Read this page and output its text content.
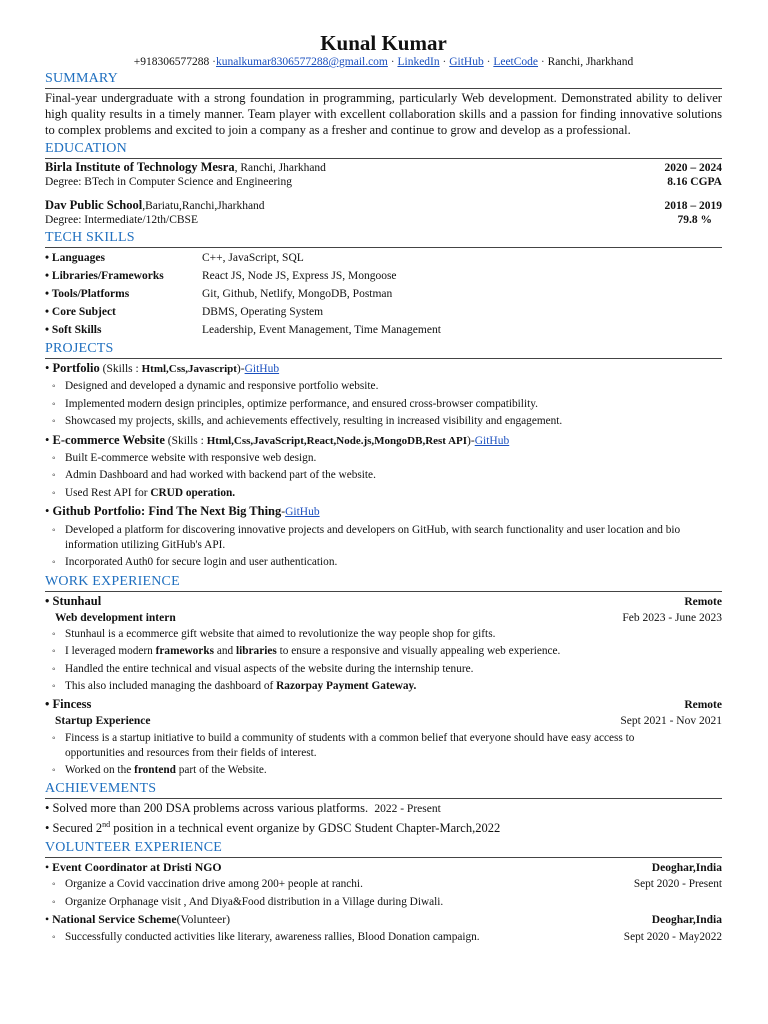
Kunal Kumar
+918306577288 ·kunalkumar8306577288@gmail.com · LinkedIn · GitHub · LeetCode · Ranchi, Jharkhand
SUMMARY
Final-year undergraduate with a strong foundation in programming, particularly Web development. Demonstrated ability to deliver high quality results in a timely manner. Team player with excellent collaboration skills and a passion for finding innovative solutions to complex problems and excited to join a company as a fresher and continue to grow and develop as a professional.
EDUCATION
Birla Institute of Technology Mesra, Ranchi, Jharkhand	2020 – 2024
Degree: BTech in Computer Science and Engineering	8.16 CGPA
Dav Public School,Bariatu,Ranchi,Jharkhand	2018 – 2019
Degree: Intermediate/12th/CBSE	79.8 %
TECH SKILLS
• Languages	C++, JavaScript, SQL
• Libraries/Frameworks	React JS, Node JS, Express JS, Mongoose
• Tools/Platforms	Git, Github, Netlify, MongoDB, Postman
• Core Subject	DBMS, Operating System
• Soft Skills	Leadership, Event Management, Time Management
PROJECTS
• Portfolio (Skills : Html,Css,Javascript)-GitHub
◦ Designed and developed a dynamic and responsive portfolio website.
◦ Implemented modern design principles, optimize performance, and ensured cross-browser compatibility.
◦ Showcased my projects, skills, and achievements effectively, resulting in increased visibility and engagement.
• E-commerce Website (Skills : Html,Css,JavaScript,React,Node.js,MongoDB,Rest API)-GitHub
◦ Built E-commerce website with responsive web design.
◦ Admin Dashboard and had worked with backend part of the website.
◦ Used Rest API for CRUD operation.
• Github Portfolio: Find The Next Big Thing-GitHub
◦ Developed a platform for discovering innovative projects and developers on GitHub, with search functionality and user location and bio information utilizing GitHub's API.
◦ Incorporated Auth0 for secure login and user authentication.
WORK EXPERIENCE
• Stunhaul	Remote
Web development intern	Feb 2023 - June 2023
◦ Stunhaul is a ecommerce gift website that aimed to revolutionize the way people shop for gifts.
◦ I leveraged modern frameworks and libraries to ensure a responsive and visually appealing web experience.
◦ Handled the entire technical and visual aspects of the website during the internship tenure.
◦ This also included managing the dashboard of Razorpay Payment Gateway.
• Fincess	Remote
Startup Experience	Sept 2021 - Nov 2021
◦ Fincess is a startup initiative to build a community of students with a common belief that everyone should have easy access to opportunities and resources from their fields of interest.
◦ Worked on the frontend part of the Website.
ACHIEVEMENTS
• Solved more than 200 DSA problems across various platforms. 2022 - Present
• Secured 2nd position in a technical event organize by GDSC Student Chapter-March,2022
VOLUNTEER EXPERIENCE
• Event Coordinator at Dristi NGO	Deoghar,India
◦ Organize a Covid vaccination drive among 200+ people at ranchi.	Sept 2020 - Present
◦ Organize Orphanage visit , And Diya&Food distribution in a Village during Diwali.
• National Service Scheme(Volunteer)	Deoghar,India
◦ Successfully conducted activities like literary, awareness rallies, Blood Donation campaign.	Sept 2020 - May2022
